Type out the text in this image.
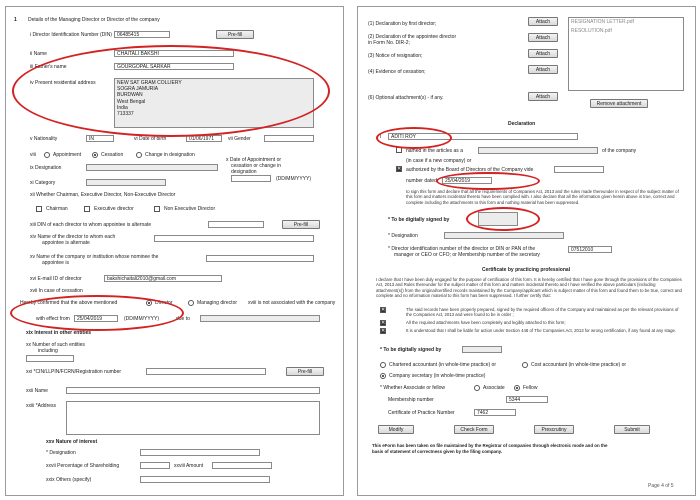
1 Details of the Managing Director or Director of the company
i Director Identification Number (DIN)	06485415	Pre-fill
ii Name	CHAITALI BAKSHI
iii Father's name	GOURGOPAL SARKAR
iv Present residential address	NEW SAT GRAM COLLIERY
SOGRA JAMURIA
BURDWAN
West Bengal
India
713337
v Nationality	IN	vi Date of birth	01/06/1971	vii Gender
viii	Appointment	Cessation	Change in designation
ix Designation
x Date of Appointment or
cessation or change in
designation
(DD/MM/YYYY)
xi Category
xii Whether Chairman, Executive Director, Non-Executive Director
Chairman	Executive director	Non Executive Director
xiii DIN of each director to whom appointee is alternate	Pre-fill
xiv Name of the director to whom each
appointee is alternate
xv Name of the company or institution whose nominee the
appointee is
xvi E-mail ID of director	bakshichaitali2010@gmail.com
xvii In case of cessation
Hereby confirmed that the above mentioned	Director	Managing director xviii is not associated with the company
with effect from	25/04/2019	(DD/MM/YYYY)	due to
xix Interest in other entities
xx Number of such entities
including
xxi *CIN/LLPIN/FCRN/Registration number	Pre-fill
xxii Name
xxiii *Address
xxv Nature of interest
* Designation
xxvii Percentage of Shareholding	xxviii Amount
xxix Others (specify)
(1) Declaration by first director;	Attach
(2) Declaration of the appointee director
in Form No. DIR-2;
Attach
(3) Notice of resignation;	Attach
(4) Evidence of cessation;	Attach
(6) Optional attachment(s) - if any.	Attach
RESIGNATION LETTER.pdf
RESOLUTION.pdf
Remove attachment
Declaration
I	ADITI ROY
named in the articles as a	of the company
(in case if a new company) or
✕ authorized by the Board of Directors of the Company vide
number dated	25/04/2019
to sign this form and declare that all the requirements of Companies Act, 2013 and the rules made thereunder in respect of the subject matter of this form and matters incidental thereto have been complied with. I also declare that all the information given herein above is true, correct and complete including the attachments to this form and nothing material has been suppressed.
* To be digitally signed by
* Designation
* Director identification number of the director or DIN or PAN of the
manager or CEO or CFO; or Membership number of the secretary
07512010
Certificate by practicing professional
I declare that I have been duly engaged for the purpose of certification of this form. It is hereby certified that I have gone through the provisions of the Companies Act, 2013 and Rules thereunder for the subject matter of this form and matters incidental thereto and I have verified the above particulars (including attachment(s)) from the original/certified records maintained by the Company/applicant which is subject matter of this form and found them to be true, correct and complete and no information material to this form has been suppressed. I further certify that:
✕	The said records have been properly prepared, signed by the required officers of the Company and maintained as per the relevant provisions of the Companies Act, 2013 and were found to be in order ;
✕	All the required attachments have been completely and legibly attached to this form;
✕	It is understood that I shall be liable for action under Section 448 of The Companies Act, 2013 for wrong certification, if any found at any stage.
* To be digitally signed by
Chartered accountant (in whole-time practice) or	Cost accountant (in whole-time practice) or
Company secretary (in whole-time practice)
* Whether Associate or fellow	Associate	Fellow
Membership number	5344
Certificate of Practice Number	7462
Modify	Check Form	Prescrutiny	Submit
This eForm has been taken on file maintained by the Registrar of companies through electronic mode and on the
basis of statement of correctness given by the filing company.
Page 4 of 5
